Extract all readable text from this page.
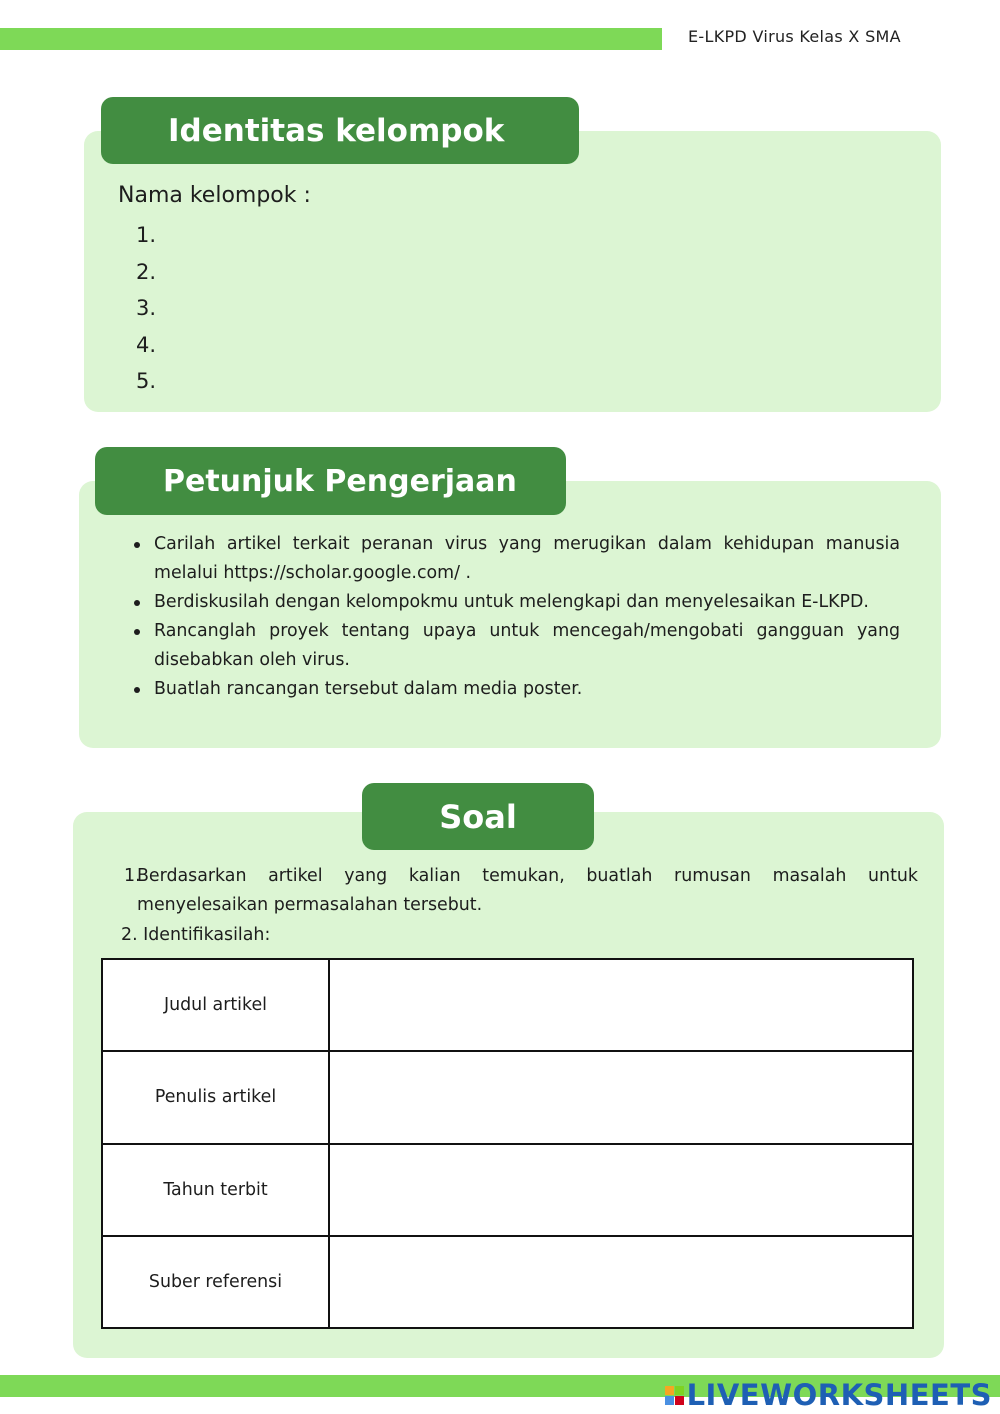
E-LKPD Virus Kelas X SMA
Identitas kelompok
Nama kelompok :
1.
2.
3.
4.
5.
Petunjuk Pengerjaan
Carilah artikel terkait peranan virus yang merugikan dalam kehidupan manusia melalui https://scholar.google.com/ .
Berdiskusilah dengan kelompokmu untuk melengkapi dan menyelesaikan E-LKPD.
Rancanglah proyek tentang upaya untuk mencegah/mengobati gangguan yang disebabkan oleh virus.
Buatlah rancangan tersebut dalam media poster.
Soal
1.
Berdasarkan artikel yang kalian temukan, buatlah rumusan masalah untuk menyelesaikan permasalahan tersebut.
2. Identifikasilah:
Judul artikel	
Penulis artikel	
Tahun terbit	
Suber referensi	
LIVEWORKSHEETS
